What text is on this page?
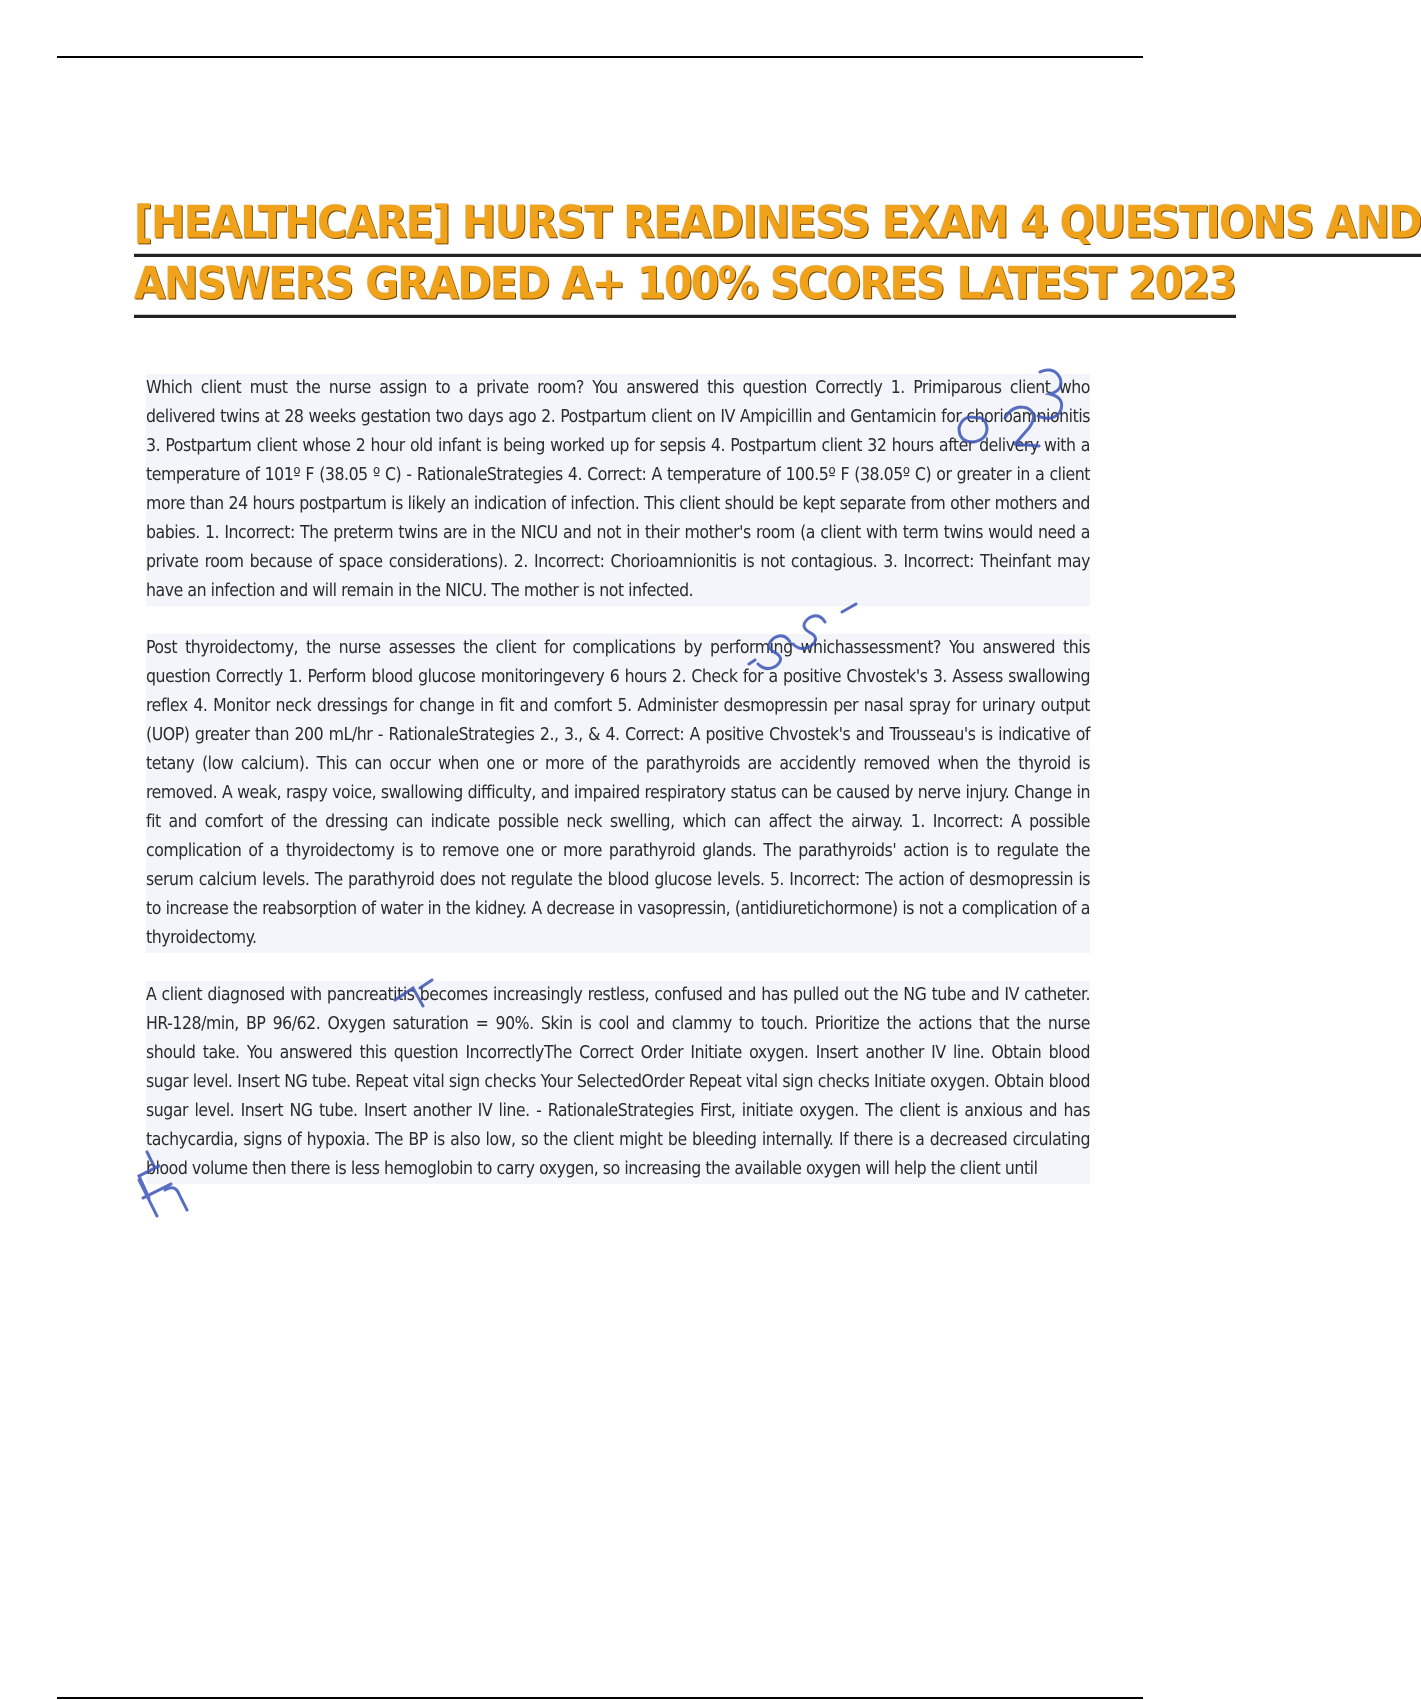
[HEALTHCARE] HURST READINESS EXAM 4 QUESTIONS AND
ANSWERS GRADED A+ 100% SCORES LATEST 2023

Which client must the nurse assign to a private room? You answered this question Correctly 1. Primiparous client who delivered twins at 28 weeks gestation two days ago 2. Postpartum client on IV Ampicillin and Gentamicin for chorioamnionitis 3. Postpartum client whose 2 hour old infant is being worked up for sepsis 4. Postpartum client 32 hours after delivery with a temperature of 101º F (38.05 º C) - RationaleStrategies 4. Correct: A temperature of 100.5º F (38.05º C) or greater in a client more than 24 hours postpartum is likely an indication of infection. This client should be kept separate from other mothers and babies. 1. Incorrect: The preterm twins are in the NICU and not in their mother's room (a client with term twins would need a private room because of space considerations). 2. Incorrect: Chorioamnionitis is not contagious. 3. Incorrect: Theinfant may have an infection and will remain in the NICU. The mother is not infected.

Post thyroidectomy, the nurse assesses the client for complications by performing whichassessment? You answered this question Correctly 1. Perform blood glucose monitoringevery 6 hours 2. Check for a positive Chvostek's 3. Assess swallowing reflex 4. Monitor neck dressings for change in fit and comfort 5. Administer desmopressin per nasal spray for urinary output (UOP) greater than 200 mL/hr - RationaleStrategies 2., 3., & 4. Correct: A positive Chvostek's and Trousseau's is indicative of tetany (low calcium). This can occur when one or more of the parathyroids are accidently removed when the thyroid is removed. A weak, raspy voice, swallowing difficulty, and impaired respiratory status can be caused by nerve injury. Change in fit and comfort of the dressing can indicate possible neck swelling, which can affect the airway. 1. Incorrect: A possible complication of a thyroidectomy is to remove one or more parathyroid glands. The parathyroids' action is to regulate the serum calcium levels. The parathyroid does not regulate the blood glucose levels. 5. Incorrect: The action of desmopressin is to increase the reabsorption of water in the kidney. A decrease in vasopressin, (antidiuretichormone) is not a complication of a thyroidectomy.

A client diagnosed with pancreatitis becomes increasingly restless, confused and has pulled out the NG tube and IV catheter. HR-128/min, BP 96/62. Oxygen saturation = 90%. Skin is cool and clammy to touch. Prioritize the actions that the nurse should take. You answered this question IncorrectlyThe Correct Order Initiate oxygen. Insert another IV line. Obtain blood sugar level. Insert NG tube. Repeat vital sign checks Your SelectedOrder Repeat vital sign checks Initiate oxygen. Obtain blood sugar level. Insert NG tube. Insert another IV line. - RationaleStrategies First, initiate oxygen. The client is anxious and has tachycardia, signs of hypoxia. The BP is also low, so the client might be bleeding internally. If there is a decreased circulating blood volume then there is less hemoglobin to carry oxygen, so increasing the available oxygen will help the client until
